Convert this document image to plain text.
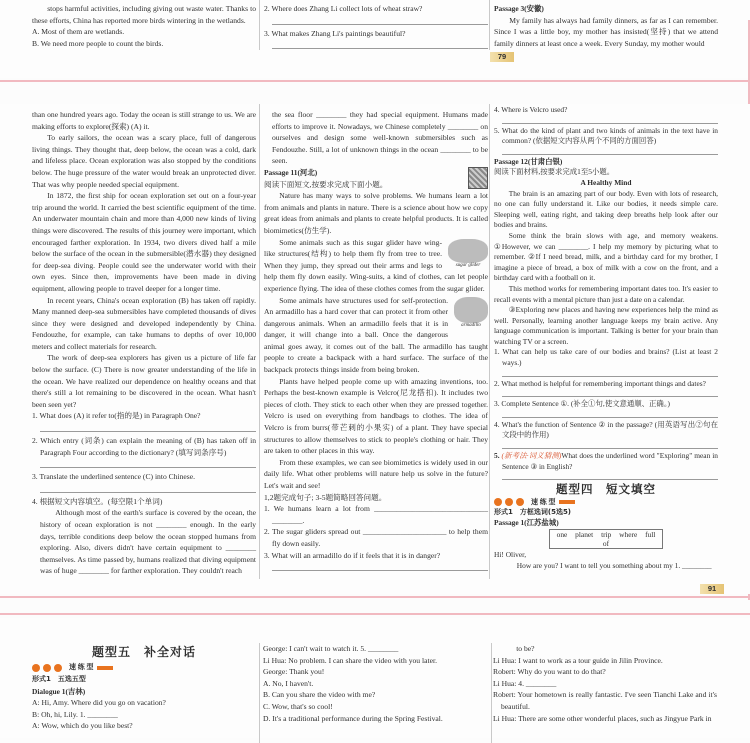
stops harmful activities, including giving out waste water. Thanks to these efforts, China has reported more birds wintering in the wetlands.

A. Most of them are wetlands.

B. We need more people to count the birds.

2. Where does Zhang Li collect lots of wheat straw?

3. What makes Zhang Li's paintings beautiful?

Passage 3(安徽)

My family has always had family dinners, as far as I can remember. Since I was a little boy, my mother has insisted(坚持) that we attend family dinners at least once a week. Every Sunday, my mother would

79

than one hundred years ago. Today the ocean is still strange to us. We are making efforts to explore(探索) (A) it.

To early sailors, the ocean was a scary place, full of dangerous living things. They thought that, deep below, the ocean was a cold, dark and lifeless place. Ocean exploration was also stopped by the conditions below. The huge pressure of the water would break an unprotected diver. That was why people needed special equipment.

In 1872, the first ship for ocean exploration set out on a four-year trip around the world. It carried the best scientific equipment of the time. An underwater mountain chain and more than 4,000 new kinds of living things were discovered. The results of this journey were important, which encouraged farther exploration. In 1934, two divers dived half a mile below the surface of the ocean in the submersible(潜水器) they designed for deep-sea diving. People could see the underwater world with their own eyes. Since then, improvements have been made in diving equipment, allowing people to travel deeper for a longer time.

In recent years, China's ocean exploration (B) has taken off rapidly. Many manned deep-sea submersibles have completed thousands of dives since they were designed and developed independently by China. Fendouzhe, for example, can take humans to depths of over 10,000 meters and collect materials for research.

The work of deep-sea explorers has given us a picture of life far below the surface. (C) There is now greater understanding of the life in the ocean. We have realized our dependence on healthy oceans and that there's still a lot remaining to be discovered in the ocean. What hasn't been seen yet?

1. What does (A) it refer to(指的是) in Paragraph One?

2. Which entry (词条) can explain the meaning of (B) has taken off in Paragraph Four according to the dictionary? (填写词条序号)

3. Translate the underlined sentence (C) into Chinese.

4. 根据短文内容填空。(每空限1个单词)

Although most of the earth's surface is covered by the ocean, the history of ocean exploration is not ________ enough. In the early days, terrible conditions deep below the ocean stopped humans from exploring. Also, divers didn't have certain equipment to ________ themselves. As time passed by, humans realized that diving equipment was of huge ________ for farther exploration. They couldn't reach

the sea floor ________ they had special equipment. Humans made efforts to improve it. Nowadays, we Chinese completely ________ on ourselves and design some well-known submersibles such as Fendouzhe. Still, a lot of unknown things in the ocean ________ to be seen.

Passage 11(河北)

阅读下面短文,按要求完成下面小题。

Nature has many ways to solve problems. We humans learn a lot from animals and plants in nature. There is a science about how we copy great ideas from animals and plants to create helpful products. It is called biomimetics(仿生学).

sugar glider

Some animals such as this sugar glider have wing-like structures(结构) to help them fly from tree to tree. When they jump, they spread out their arms and legs to help them fly down easily. Wing-suits, a kind of clothes, can let people experience flying. The idea of these clothes comes from the sugar glider.

armadillo

Some animals have structures used for self-protection. An armadillo has a hard cover that can protect it from other dangerous animals. When an armadillo feels that it is in danger, it will change into a ball. Once the dangerous animal goes away, it comes out of the ball. The armadillo has taught people to create a backpack with a hard surface. The surface of the backpack protects things inside from being broken.

Plants have helped people come up with amazing inventions, too. Perhaps the best-known example is Velcro(尼龙搭扣). It includes two pieces of cloth. They stick to each other when they are pressed together. Velcro is used on everything from handbags to clothes. The idea of Velcro is from burrs(带芒刺的小果实) of a plant. They have special structures to allow themselves to stick to people's clothing or hair. They are taken to other places in this way.

From these examples, we can see biomimetics is widely used in our daily life. What other problems will nature help us solve in the future? Let's wait and see!

1,2题完成句子; 3-5题简略回答问题。

1. We humans learn a lot from ______________________________ ________.

2. The sugar gliders spread out ______________________ to help them fly down easily.

3. What will an armadillo do if it feels that it is in danger?

4. Where is Velcro used?

5. What do the kind of plant and two kinds of animals in the text have in common? (依据短文内容从两个不同的方面回答)

Passage 12(甘肃白银)

阅读下面材料,按要求完成1至5小题。

A Healthy Mind

The brain is an amazing part of our body. Even with lots of research, no one can fully understand it. Like our bodies, it needs simple care. Sleeping well, eating right, and taking deep breaths help look after our bodies and brains.

Some think the brain slows with age, and memory weakens. ①However, we can ________. I help my memory by picturing what to remember. ②If I need bread, milk, and a birthday card for my brother, I imagine a piece of bread, a box of milk with a cow on the front, and a birthday card with a football on it.

This method works for remembering important dates too. It's easier to recall events with a mental picture than just a date on a calendar.

③Exploring new places and having new experiences help the mind as well. Personally, learning another language keeps my brain active. Any language communication is important. Talking is better for your brain than watching TV or a screen.

1. What can help us take care of our bodies and brains? (List at least 2 ways.)

2. What method is helpful for remembering important things and dates?

3. Complete Sentence ①. (补全①句,使文意通顺、正确。)

4. What's the function of Sentence ② in the passage? (用英语写出②句在文段中的作用)

5. (新考法·词义猜测)What does the underlined word "Exploring" mean in Sentence ③ in English?

题型四　短文填空

速 练 型

形式1　方框选词(5选5)

Passage 1(江苏盐城)

one planet trip where full of

Hi! Oliver,

How are you? I want to tell you something about my 1. ________

91

题型五　补全对话

速 练 型

形式1　五选五型

Dialogue 1(吉林)

A: Hi, Amy. Where did you go on vacation?

B: Oh, hi, Lily. 1. ________

A: Wow, which do you like best?

George: I can't wait to watch it. 5. ________

Li Hua: No problem. I can share the video with you later.

George: Thank you!

A. No, I haven't.

B. Can you share the video with me?

C. Wow, that's so cool!

D. It's a traditional performance during the Spring Festival.

to be?

Li Hua: I want to work as a tour guide in Jilin Province.

Robert: Why do you want to do that?

Li Hua: 4. ________

Robert: Your hometown is really fantastic. I've seen Tianchi Lake and it's beautiful.

Li Hua: There are some other wonderful places, such as Jingyue Park in
